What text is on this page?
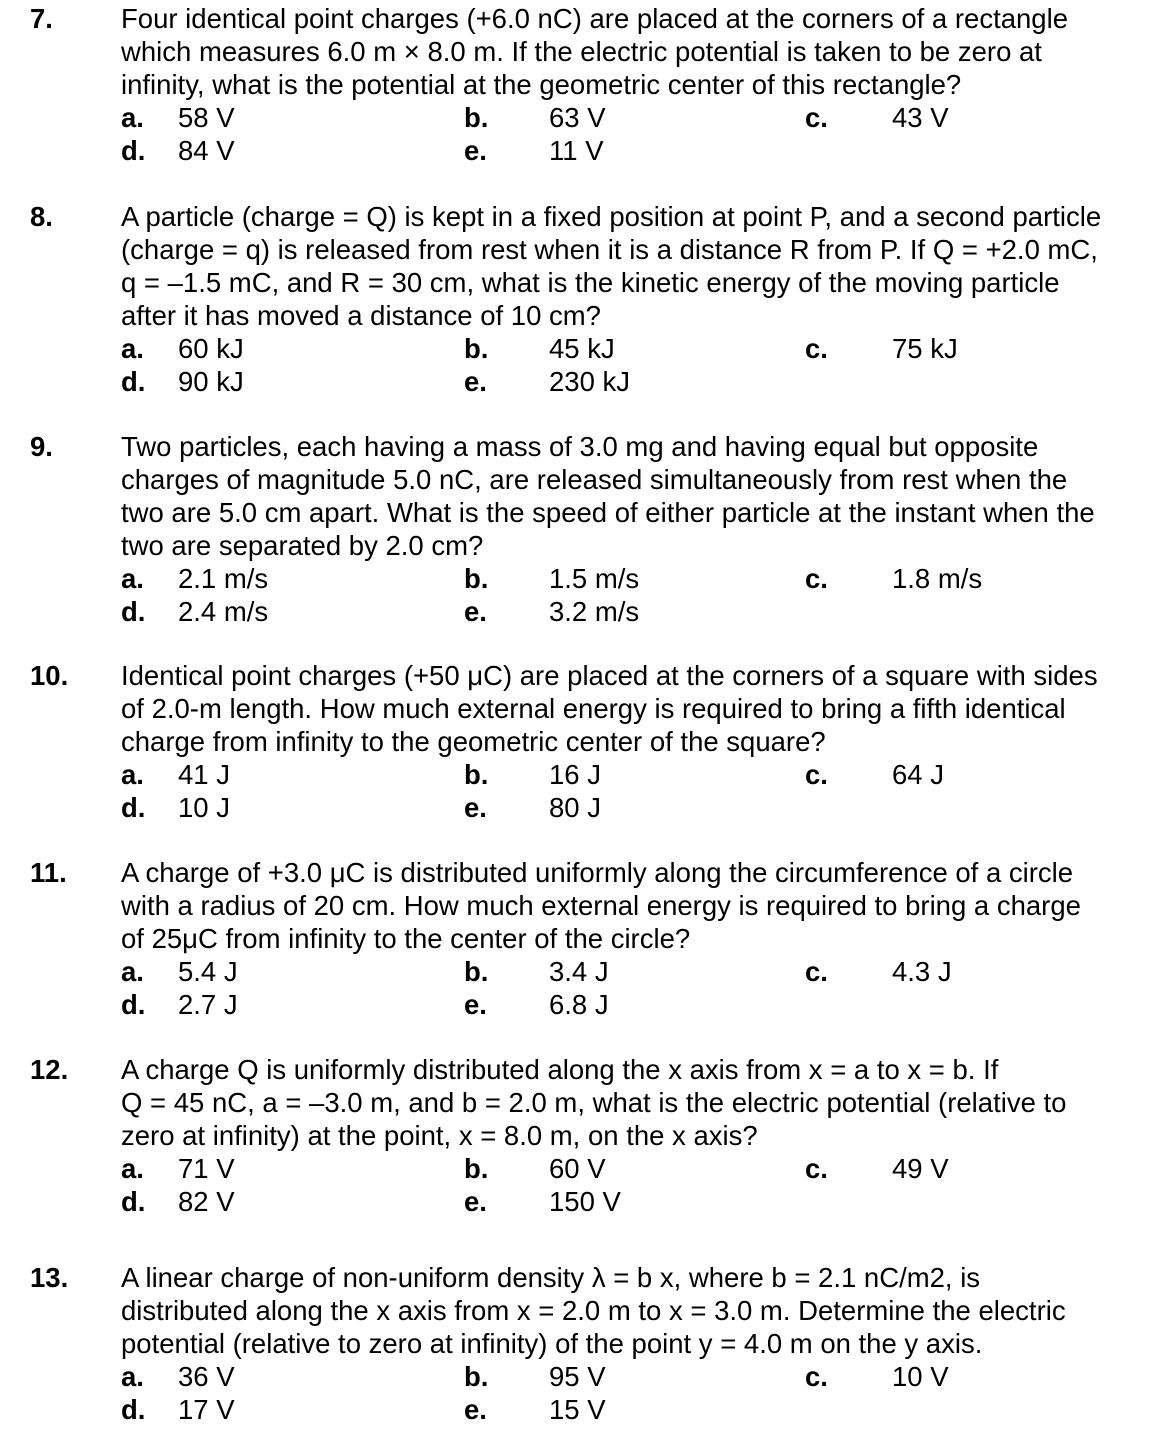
7. Four identical point charges (+6.0 nC) are placed at the corners of a rectangle
which measures 6.0 m × 8.0 m. If the electric potential is taken to be zero at
infinity, what is the potential at the geometric center of this rectangle?
a. 58 V	b. 63 V	c. 43 V
d. 84 V	e. 11 V
8. A particle (charge = Q) is kept in a fixed position at point P, and a second particle
(charge = q) is released from rest when it is a distance R from P. If Q = +2.0 mC,
q = –1.5 mC, and R = 30 cm, what is the kinetic energy of the moving particle
after it has moved a distance of 10 cm?
a. 60 kJ	b. 45 kJ	c. 75 kJ
d. 90 kJ	e. 230 kJ
9. Two particles, each having a mass of 3.0 mg and having equal but opposite
charges of magnitude 5.0 nC, are released simultaneously from rest when the
two are 5.0 cm apart. What is the speed of either particle at the instant when the
two are separated by 2.0 cm?
a. 2.1 m/s	b. 1.5 m/s	c. 1.8 m/s
d. 2.4 m/s	e. 3.2 m/s
10. Identical point charges (+50 μC) are placed at the corners of a square with sides
of 2.0-m length. How much external energy is required to bring a fifth identical
charge from infinity to the geometric center of the square?
a. 41 J	b. 16 J	c. 64 J
d. 10 J	e. 80 J
11. A charge of +3.0 μC is distributed uniformly along the circumference of a circle
with a radius of 20 cm. How much external energy is required to bring a charge
of 25μC from infinity to the center of the circle?
a. 5.4 J	b. 3.4 J	c. 4.3 J
d. 2.7 J	e. 6.8 J
12. A charge Q is uniformly distributed along the x axis from x = a to x = b. If
Q = 45 nC, a = –3.0 m, and b = 2.0 m, what is the electric potential (relative to
zero at infinity) at the point, x = 8.0 m, on the x axis?
a. 71 V	b. 60 V	c. 49 V
d. 82 V	e. 150 V
13. A linear charge of non-uniform density λ = b x, where b = 2.1 nC/m2, is
distributed along the x axis from x = 2.0 m to x = 3.0 m. Determine the electric
potential (relative to zero at infinity) of the point y = 4.0 m on the y axis.
a. 36 V	b. 95 V	c. 10 V
d. 17 V	e. 15 V
